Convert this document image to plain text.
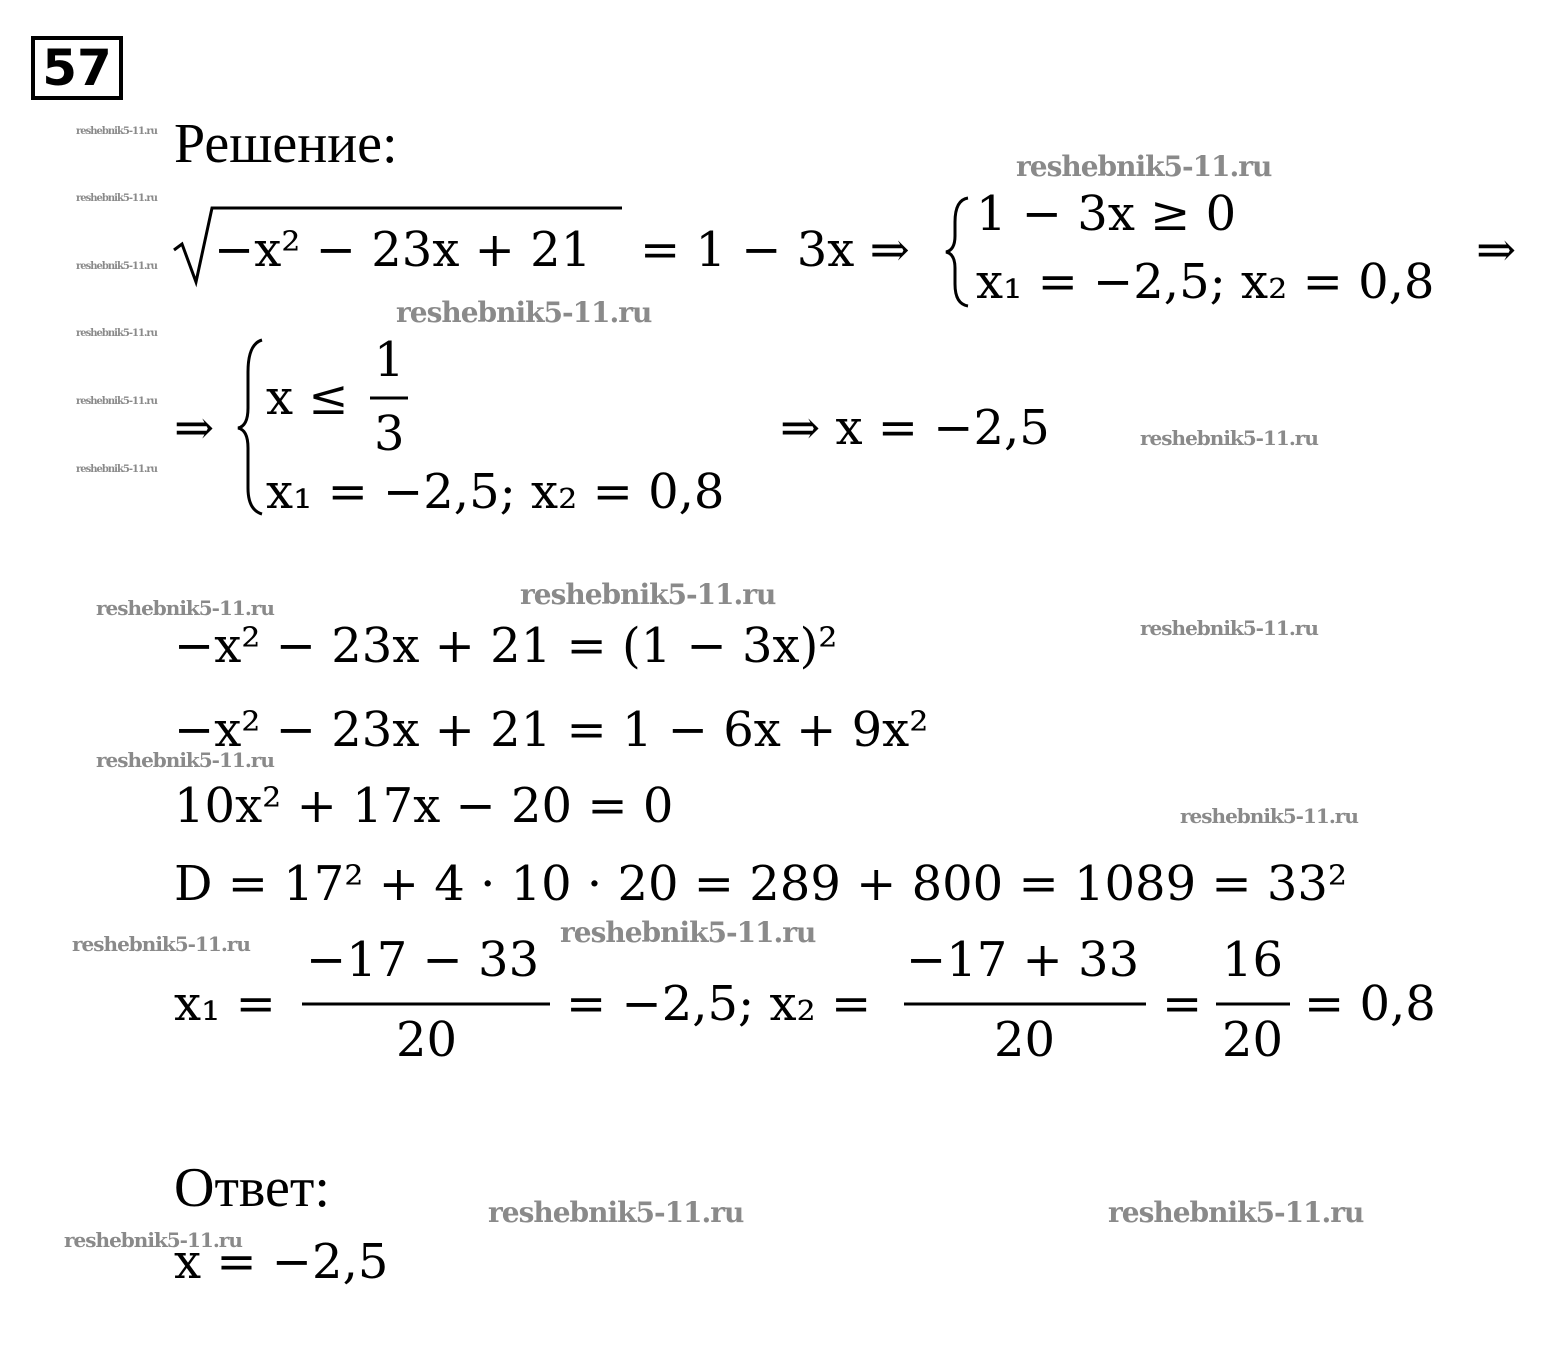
57
Решение:
−x² − 23x + 21 = 1 − 3x ⇒
1 − 3x ≥ 0
x₁ = −2,5; x₂ = 0,8
⇒
⇒
x ≤
1
3
x₁ = −2,5; x₂ = 0,8
⇒ x = −2,5
−x² − 23x + 21 = (1 − 3x)²
−x² − 23x + 21 = 1 − 6x + 9x²
10x² + 17x − 20 = 0
D = 17² + 4 · 10 · 20 = 289 + 800 = 1089 = 33²
x₁ =
−17 − 33
20
= −2,5; x₂ =
−17 + 33
20
=
16
20
= 0,8
Ответ:
x = −2,5
reshebnik5-11.ru
reshebnik5-11.ru
reshebnik5-11.ru
reshebnik5-11.ru
reshebnik5-11.ru
reshebnik5-11.ru
reshebnik5-11.ru
reshebnik5-11.ru
reshebnik5-11.ru
reshebnik5-11.ru	reshebnik5-11.ru
reshebnik5-11.ru
reshebnik5-11.ru
reshebnik5-11.ru
reshebnik5-11.ru	reshebnik5-11.ru
reshebnik5-11.ru	reshebnik5-11.ru
reshebnik5-11.ru
